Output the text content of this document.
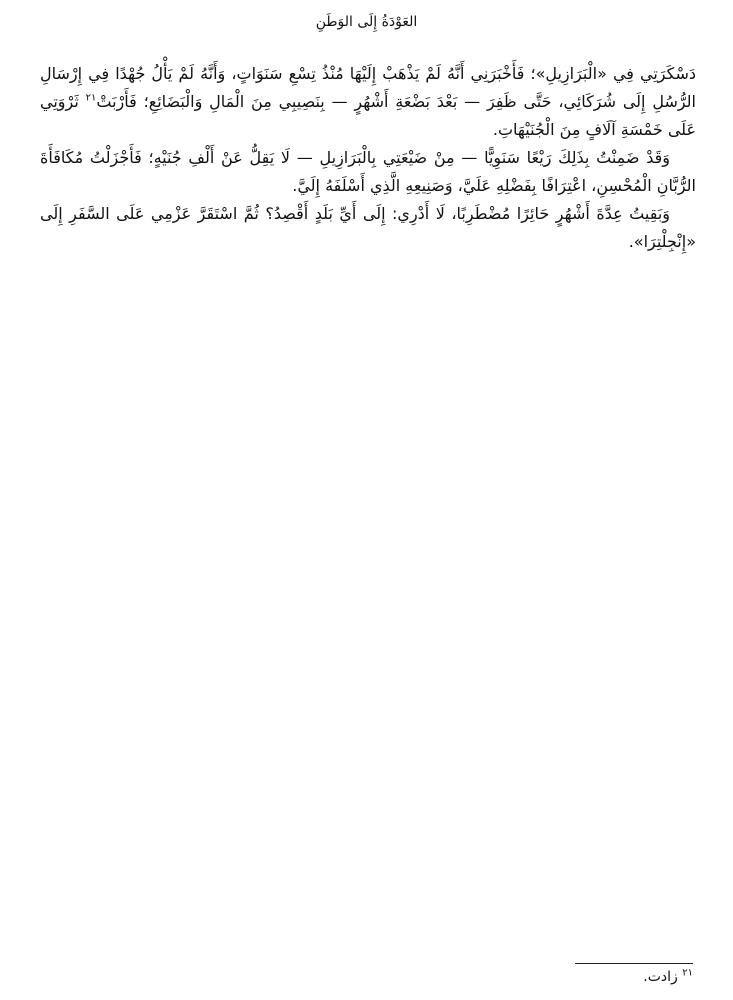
العَوْدَةُ إِلَى الوَطَنِ

دَسْكَرَتِي فِي «الْبَرَازِيلِ»؛ فَأَخْبَرَنِي أَنَّهُ لَمْ يَذْهَبْ إِلَيْهَا مُنْذُ تِسْعِ سَنَوَاتٍ، وَأَنَّهُ لَمْ يَأْلُ جُهْدًا فِي إِرْسَالِ الرُّسُلِ إِلَى شُرَكَائِي، حَتَّى ظَفِرَ — بَعْدَ بَضْعَةِ أَشْهُرٍ — بِنَصِيبِي مِنَ الْمَالِ وَالْبَضَائِعِ؛ فَأَرْبَتْ$^{٢١}$ ثَرْوَتِي عَلَى خَمْسَةِ آلَافٍ مِنَ الْجُنَيْهَاتِ.

وَقَدْ ضَمِنْتُ بِذَلِكَ رَيْعًا سَنَوِيًّا — مِنْ ضَيْعَتِي بِالْبَرَازِيلِ — لَا يَقِلُّ عَنْ أَلْفِ جُنَيْهٍ؛ فَأَجْزَلْتُ مُكَافَأَةَ الرُّبَّانِ الْمُحْسِنِ، اعْتِرَافًا بِفَضْلِهِ عَلَيَّ، وَصَنِيعِهِ الَّذِي أَسْلَفَهُ إِلَيَّ.

وَبَقِيتُ عِدَّةَ أَشْهُرٍ حَائِرًا مُضْطَرِبًا، لَا أَدْرِي: إِلَى أَيِّ بَلَدٍ أَقْصِدُ؟ ثُمَّ اسْتَقَرَّ عَزْمِي عَلَى السَّفَرِ إِلَى «إِنْجِلْتِرَا».

$^{٢١}$ زادت.
